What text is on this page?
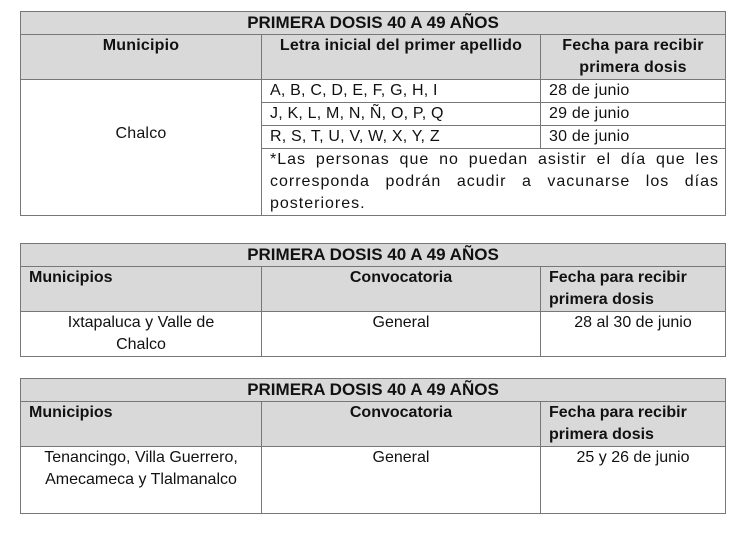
PRIMERA DOSIS 40 A 49 AÑOS		
Municipio	Letra inicial del primer apellido	Fecha para recibir primera dosis
Chalco	A, B, C, D, E, F, G, H, I	28 de junio
	J, K, L, M, N, Ñ, O, P, Q	29 de junio
	R, S, T, U, V, W, X, Y, Z	30 de junio
	*Las personas que no puedan asistir el día que les corresponda podrán acudir a vacunarse los días posteriores.	
PRIMERA DOSIS 40 A 49 AÑOS		
Municipios	Convocatoria	Fecha para recibir primera dosis
Ixtapaluca y Valle de Chalco	General	28 al 30 de junio
PRIMERA DOSIS 40 A 49 AÑOS		
Municipios	Convocatoria	Fecha para recibir primera dosis
Tenancingo, Villa Guerrero, Amecameca y Tlalmanalco	General	25 y 26 de junio
